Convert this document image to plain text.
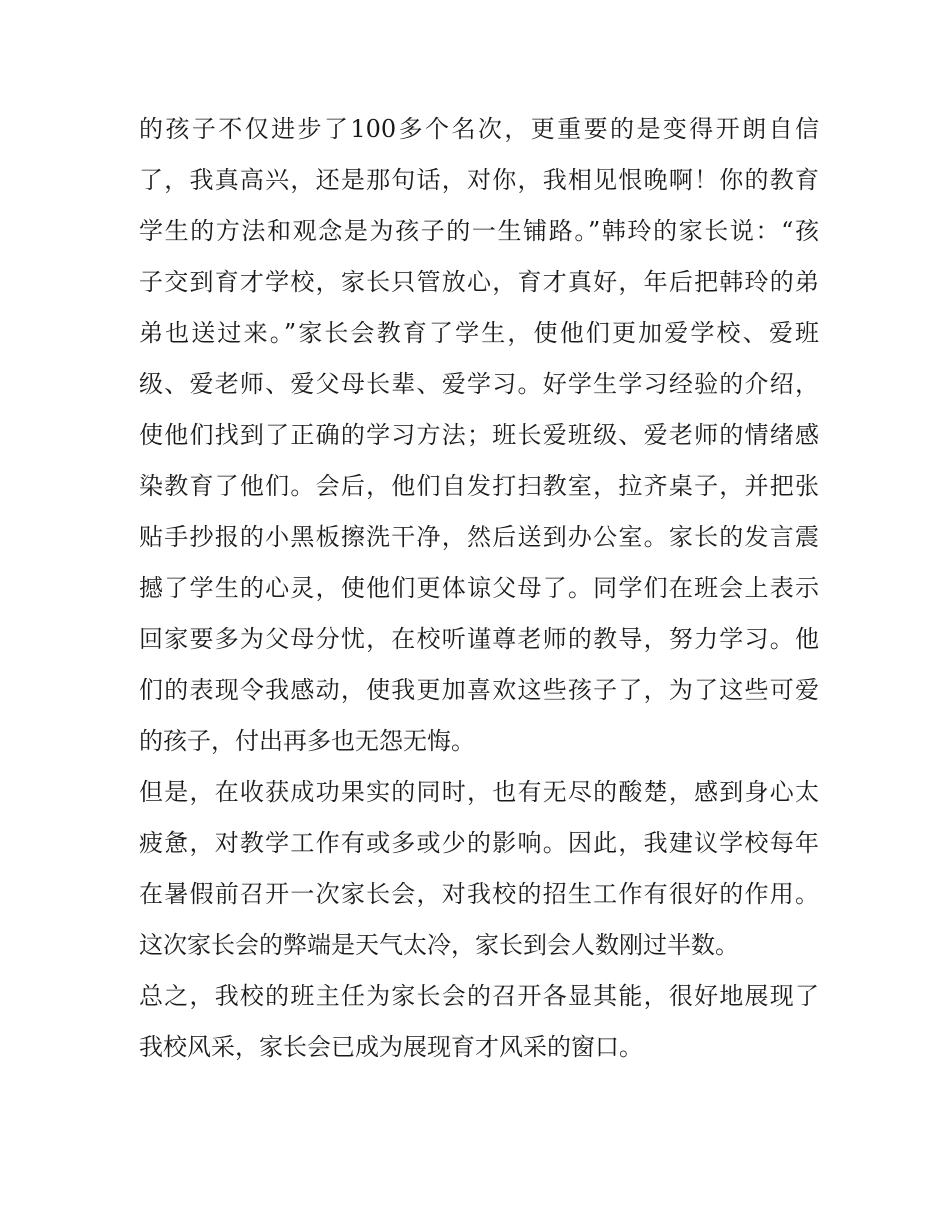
的孩子不仅进步了100多个名次，更重要的是变得开朗自信
了，我真高兴，还是那句话，对你，我相见恨晚啊！你的教育
学生的方法和观念是为孩子的一生铺路。”韩玲的家长说：“孩
子交到育才学校，家长只管放心，育才真好，年后把韩玲的弟
弟也送过来。”家长会教育了学生，使他们更加爱学校、爱班
级、爱老师、爱父母长辈、爱学习。好学生学习经验的介绍，
使他们找到了正确的学习方法；班长爱班级、爱老师的情绪感
染教育了他们。会后，他们自发打扫教室，拉齐桌子，并把张
贴手抄报的小黑板擦洗干净，然后送到办公室。家长的发言震
撼了学生的心灵，使他们更体谅父母了。同学们在班会上表示
回家要多为父母分忧，在校听谨尊老师的教导，努力学习。他
们的表现令我感动，使我更加喜欢这些孩子了，为了这些可爱
的孩子，付出再多也无怨无悔。
但是，在收获成功果实的同时，也有无尽的酸楚，感到身心太
疲惫，对教学工作有或多或少的影响。因此，我建议学校每年
在暑假前召开一次家长会，对我校的招生工作有很好的作用。
这次家长会的弊端是天气太冷，家长到会人数刚过半数。
总之，我校的班主任为家长会的召开各显其能，很好地展现了
我校风采，家长会已成为展现育才风采的窗口。
